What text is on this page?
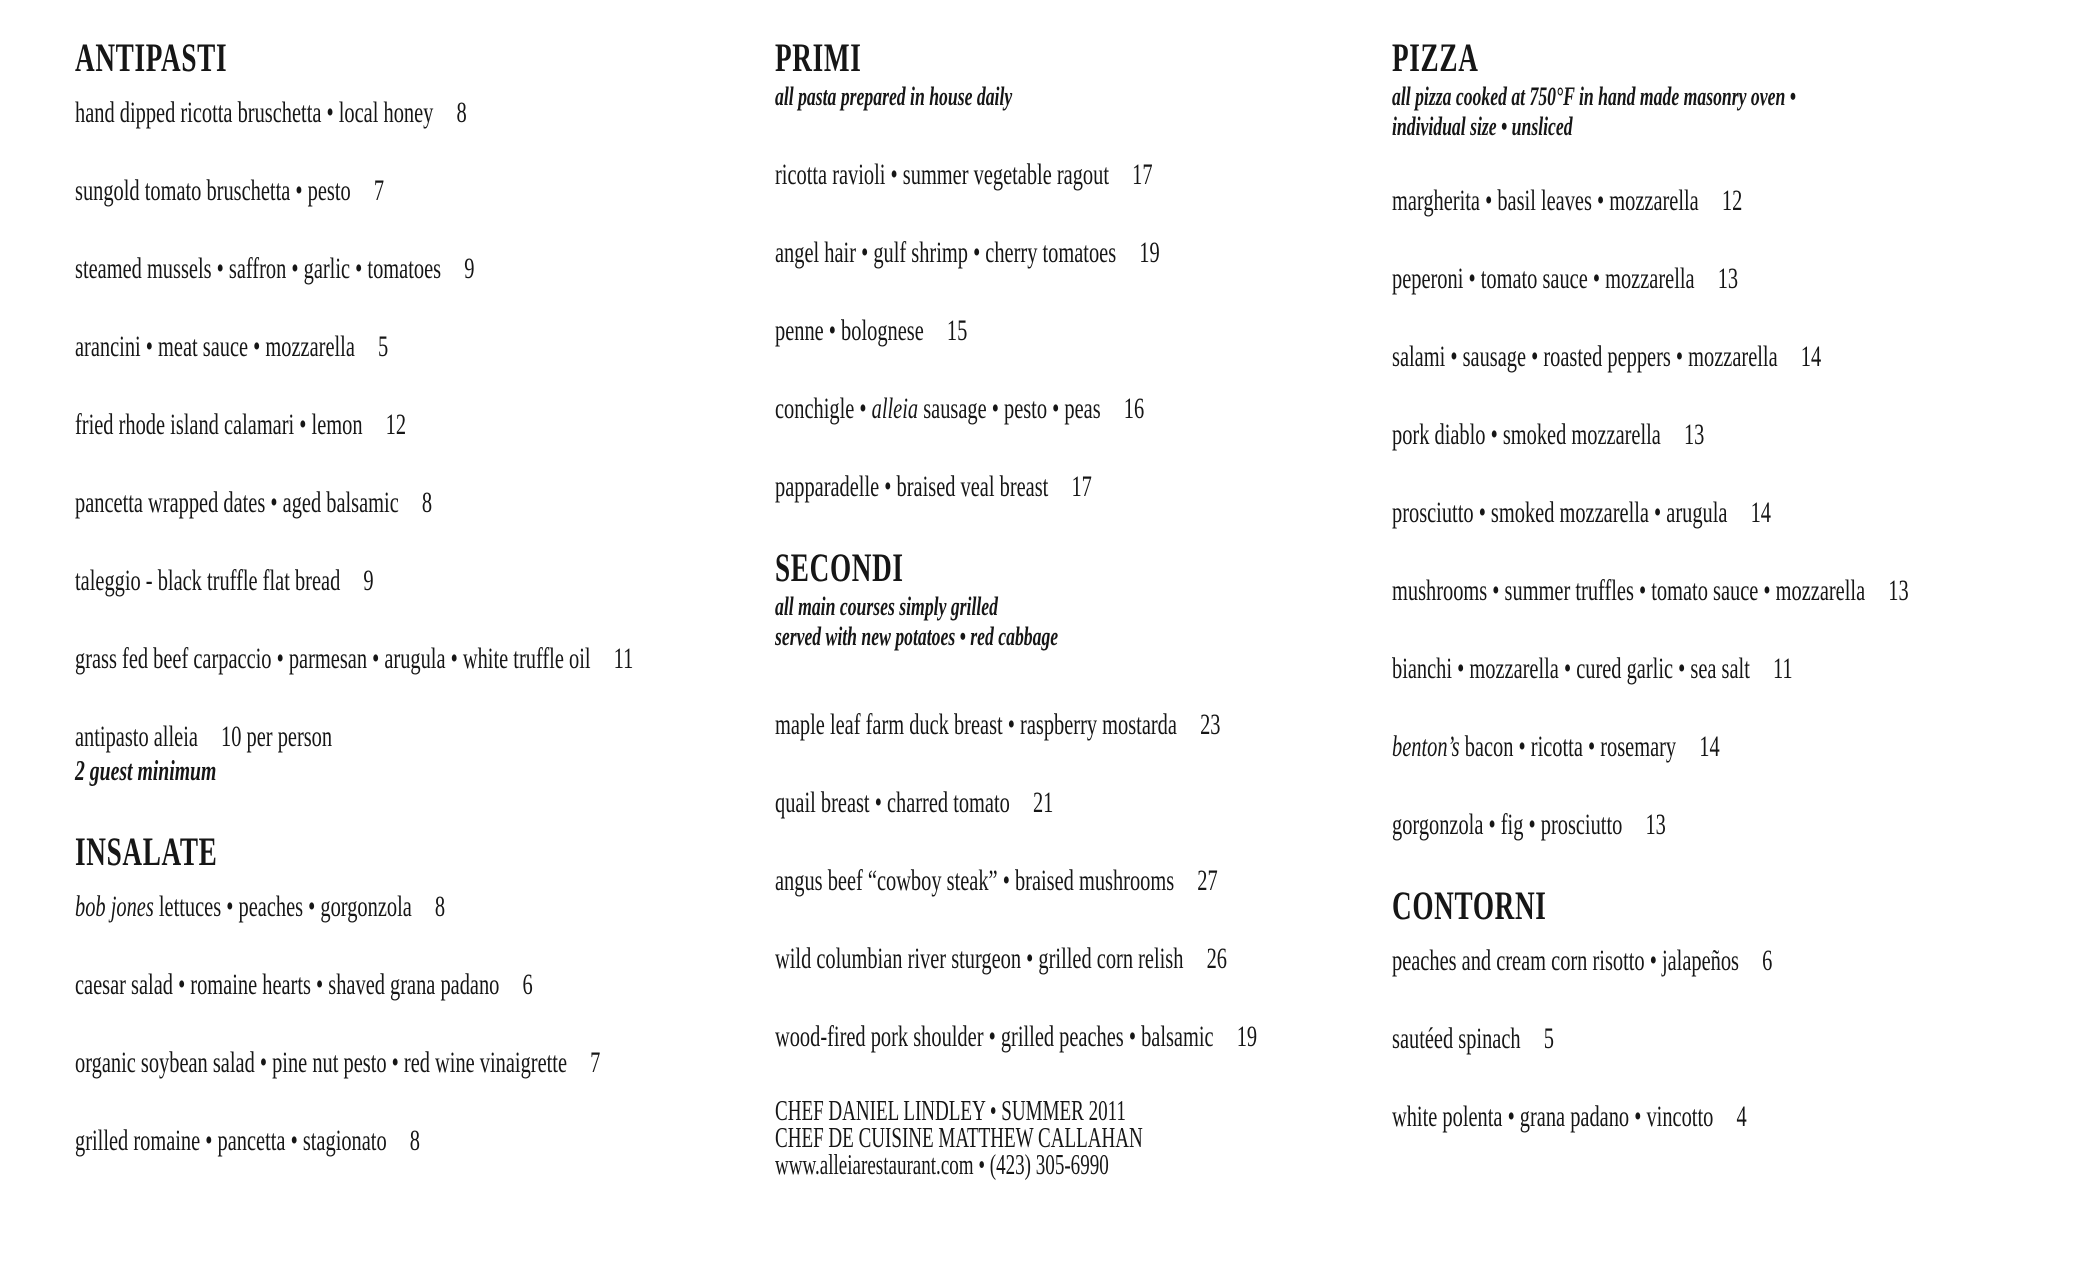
ANTIPASTI
hand dipped ricotta bruschetta • local honey 8
sungold tomato bruschetta • pesto 7
steamed mussels • saffron • garlic • tomatoes 9
arancini • meat sauce • mozzarella 5
fried rhode island calamari • lemon 12
pancetta wrapped dates • aged balsamic 8
taleggio - black truffle flat bread 9
grass fed beef carpaccio • parmesan • arugula • white truffle oil 11
antipasto alleia 10 per person
2 guest minimum
INSALATE
bob jones lettuces • peaches • gorgonzola 8
caesar salad • romaine hearts • shaved grana padano 6
organic soybean salad • pine nut pesto • red wine vinaigrette 7
grilled romaine • pancetta • stagionato 8
PRIMI
all pasta prepared in house daily
ricotta ravioli • summer vegetable ragout 17
angel hair • gulf shrimp • cherry tomatoes 19
penne • bolognese 15
conchigle • alleia sausage • pesto • peas 16
papparadelle • braised veal breast 17
SECONDI
all main courses simply grilled
served with new potatoes • red cabbage
maple leaf farm duck breast • raspberry mostarda 23
quail breast • charred tomato 21
angus beef “cowboy steak” • braised mushrooms 27
wild columbian river sturgeon • grilled corn relish 26
wood-fired pork shoulder • grilled peaches • balsamic 19
CHEF DANIEL LINDLEY • SUMMER 2011
CHEF DE CUISINE MATTHEW CALLAHAN
www.alleiarestaurant.com • (423) 305-6990
PIZZA
all pizza cooked at 750°F in hand made masonry oven •
individual size • unsliced
margherita • basil leaves • mozzarella 12
peperoni • tomato sauce • mozzarella 13
salami • sausage • roasted peppers • mozzarella 14
pork diablo • smoked mozzarella 13
prosciutto • smoked mozzarella • arugula 14
mushrooms • summer truffles • tomato sauce • mozzarella 13
bianchi • mozzarella • cured garlic • sea salt 11
benton’s bacon • ricotta • rosemary 14
gorgonzola • fig • prosciutto 13
CONTORNI
peaches and cream corn risotto • jalapeños 6
sautéed spinach 5
white polenta • grana padano • vincotto 4
